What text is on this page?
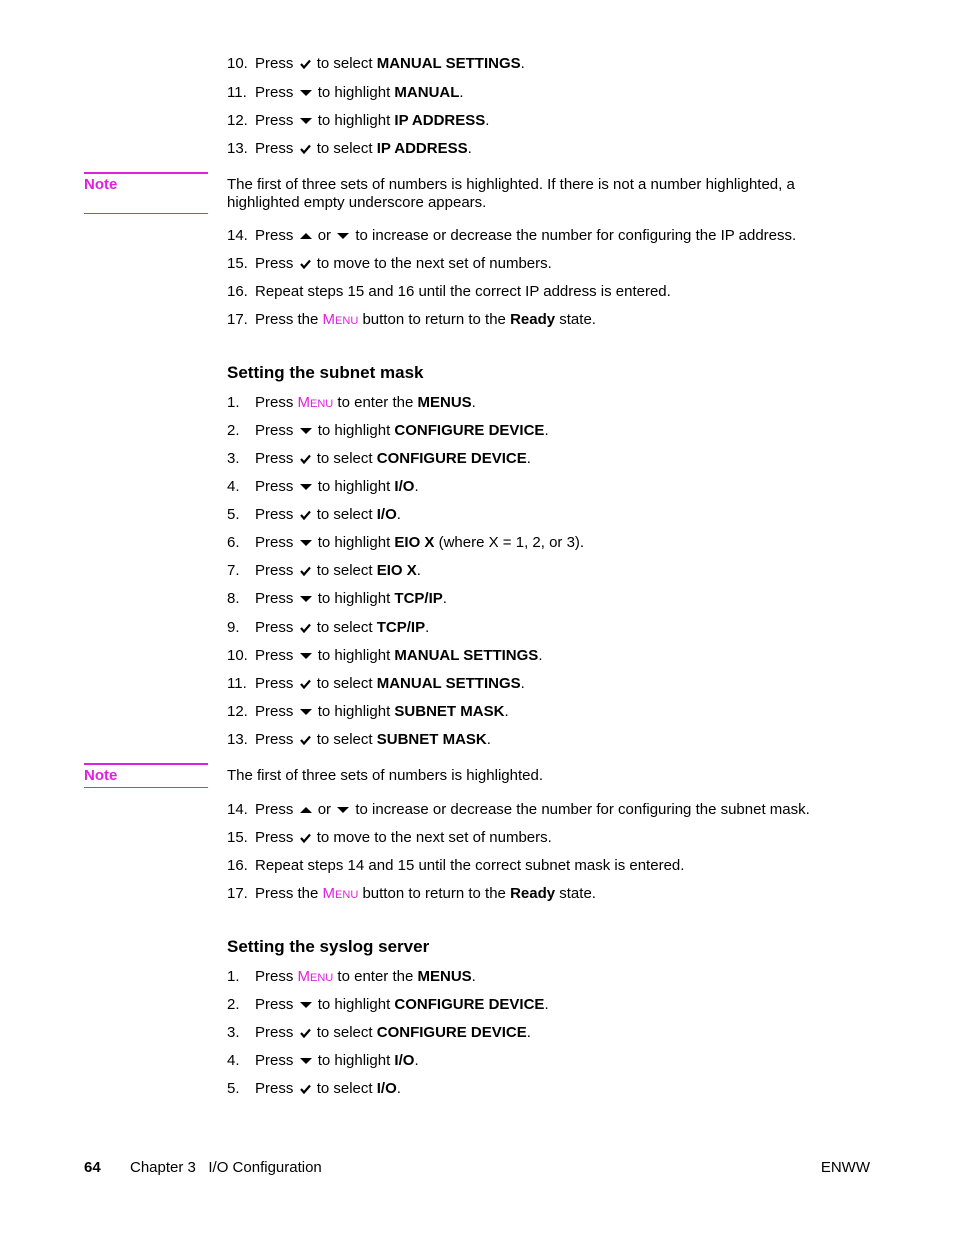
10. Press to select MANUAL SETTINGS.
11. Press to highlight MANUAL.
12. Press to highlight IP ADDRESS.
13. Press to select IP ADDRESS.
Note	The first of three sets of numbers is highlighted. If there is not a number highlighted, a highlighted empty underscore appears.
14. Press or to increase or decrease the number for configuring the IP address.
15. Press to move to the next set of numbers.
16. Repeat steps 15 and 16 until the correct IP address is entered.
17. Press the Menu button to return to the Ready state.
Setting the subnet mask
1. Press Menu to enter the MENUS.
2. Press to highlight CONFIGURE DEVICE.
3. Press to select CONFIGURE DEVICE.
4. Press to highlight I/O.
5. Press to select I/O.
6. Press to highlight EIO X (where X = 1, 2, or 3).
7. Press to select EIO X.
8. Press to highlight TCP/IP.
9. Press to select TCP/IP.
10. Press to highlight MANUAL SETTINGS.
11. Press to select MANUAL SETTINGS.
12. Press to highlight SUBNET MASK.
13. Press to select SUBNET MASK.
Note	The first of three sets of numbers is highlighted.
14. Press or to increase or decrease the number for configuring the subnet mask.
15. Press to move to the next set of numbers.
16. Repeat steps 14 and 15 until the correct subnet mask is entered.
17. Press the Menu button to return to the Ready state.
Setting the syslog server
1. Press Menu to enter the MENUS.
2. Press to highlight CONFIGURE DEVICE.
3. Press to select CONFIGURE DEVICE.
4. Press to highlight I/O.
5. Press to select I/O.
64 Chapter 3   I/O Configuration	ENWW
